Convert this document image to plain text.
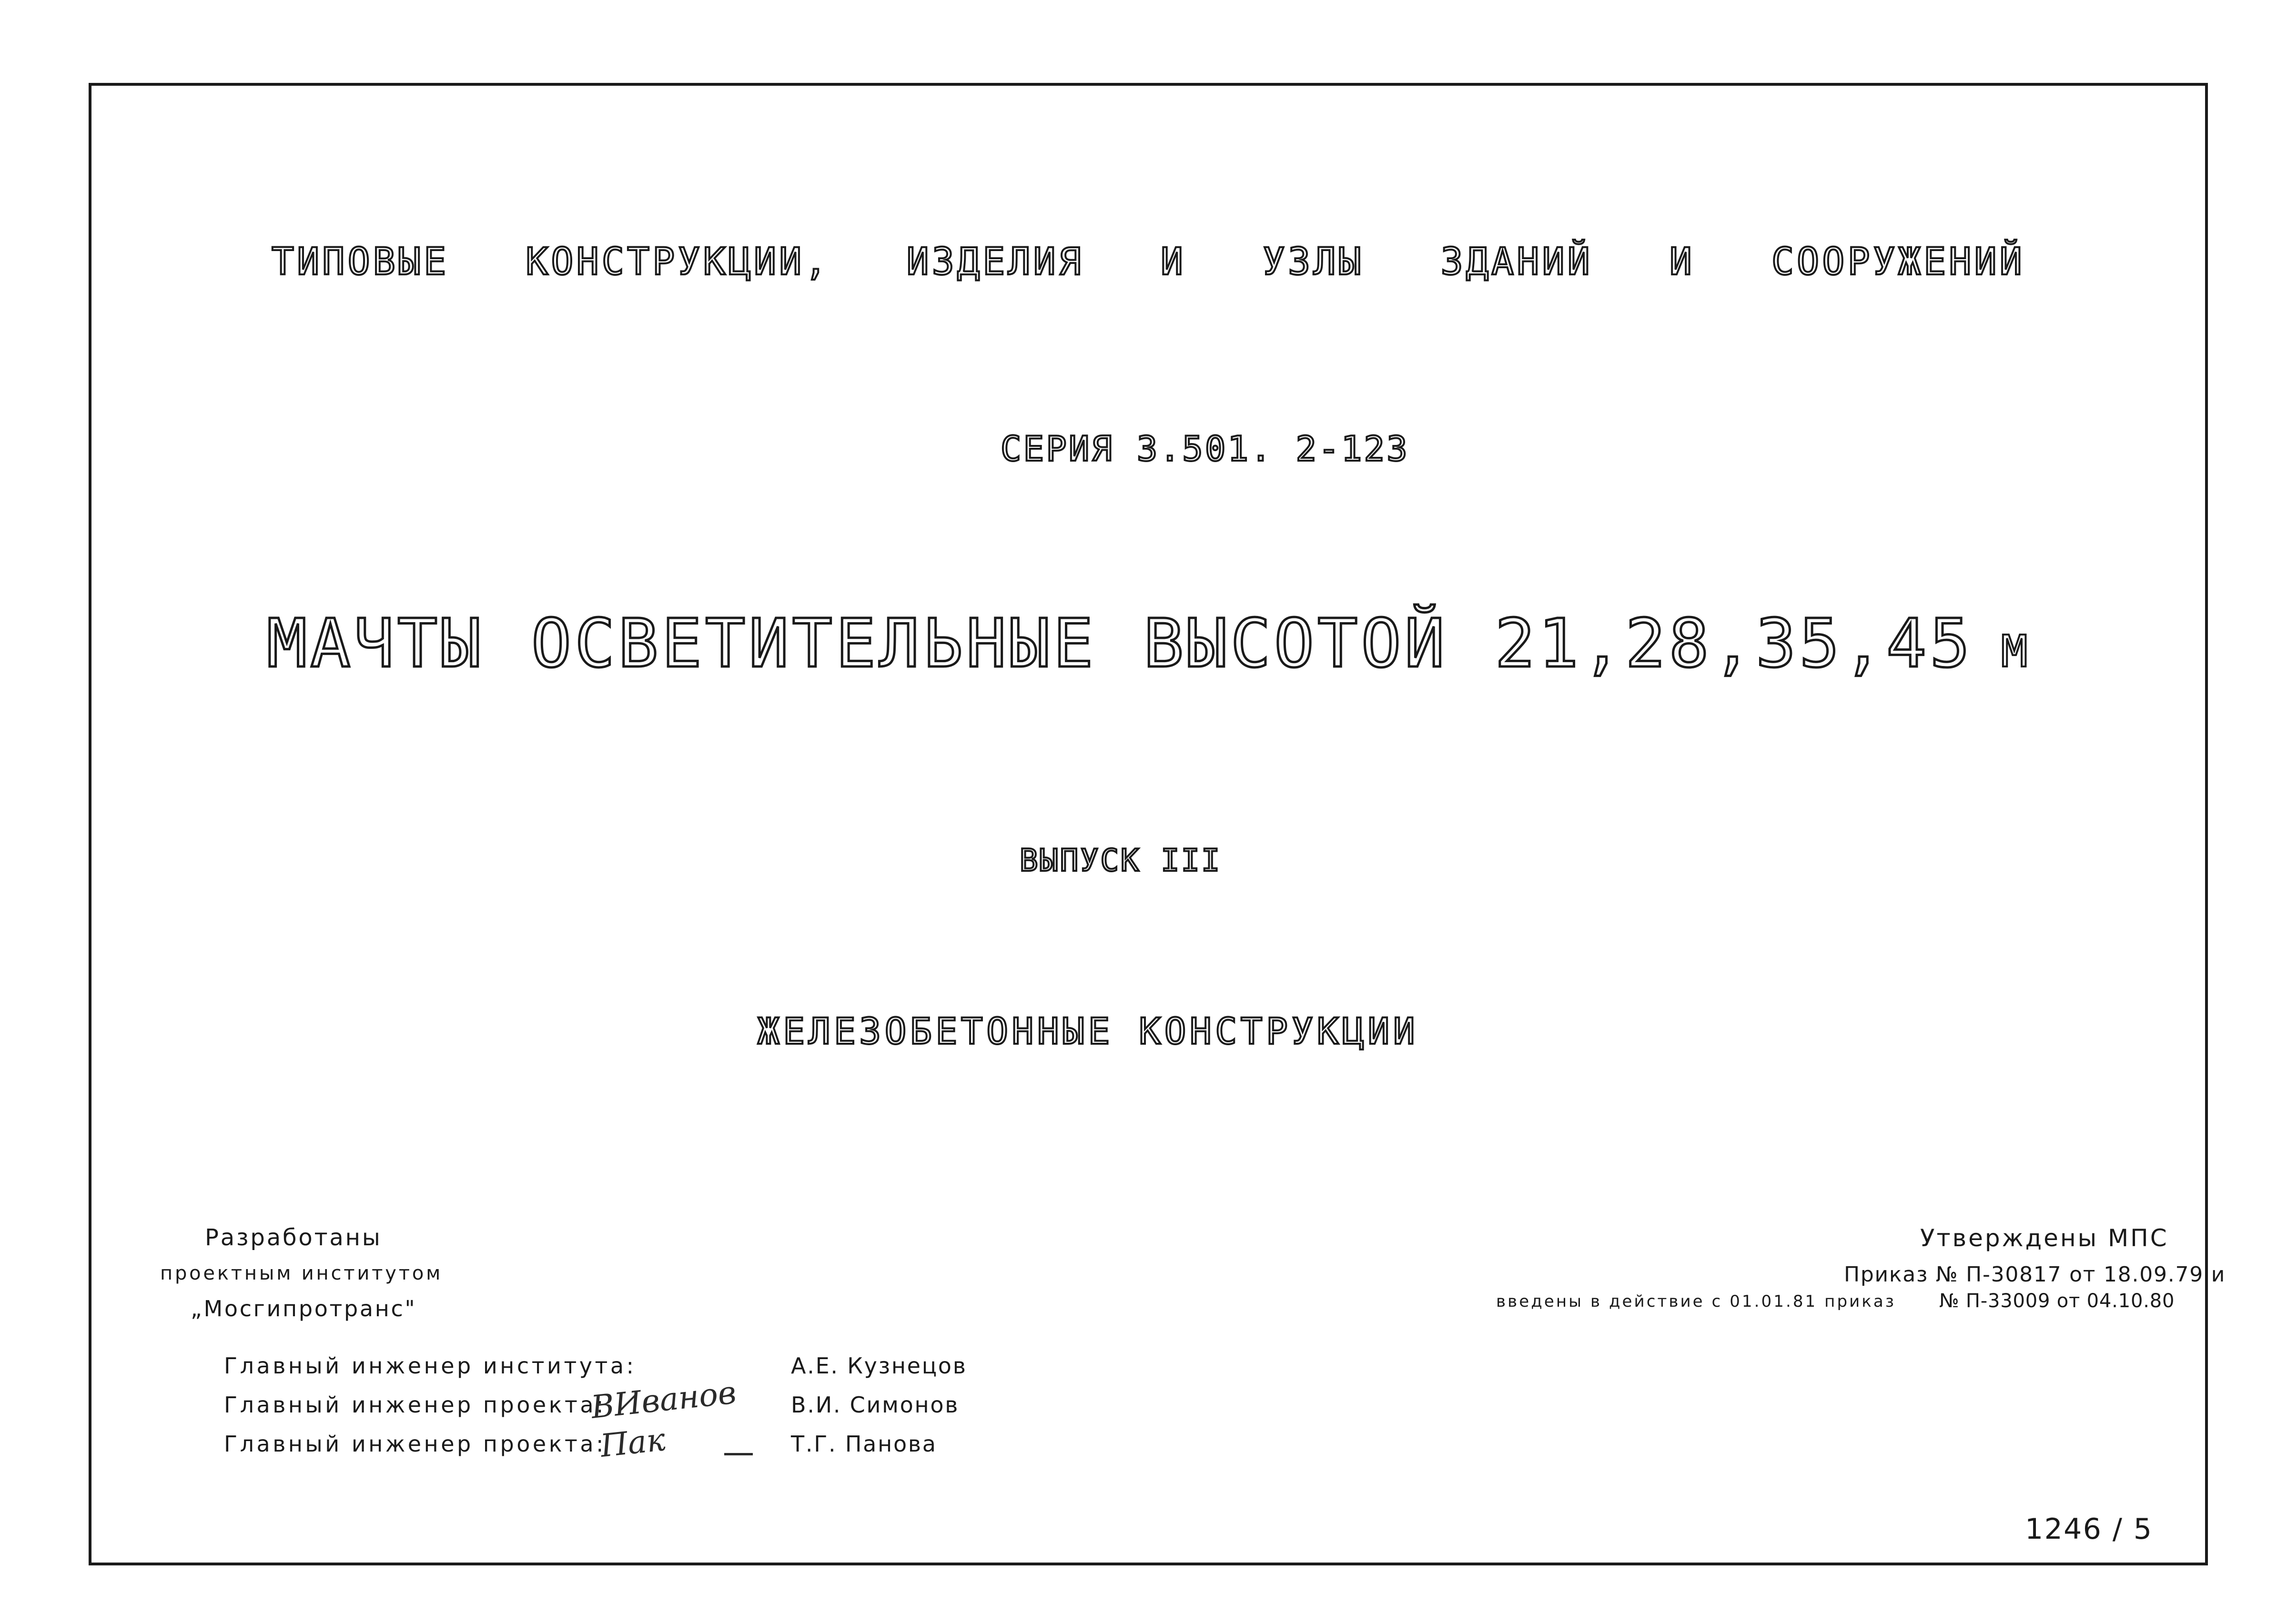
ТИПОВЫЕ КОНСТРУКЦИИ, ИЗДЕЛИЯ И УЗЛЫ ЗДАНИЙ И СООРУЖЕНИЙ
СЕРИЯ 3.501. 2-123
МАЧТЫ ОСВЕТИТЕЛЬНЫЕ ВЫСОТОЙ 21,28,35,45 М
ВЫПУСК III
ЖЕЛЕЗОБЕТОННЫЕ КОНСТРУКЦИИ
Разработаны
проектным институтом
„Мосгипротранс"
Утверждены МПС
Приказ № П-30817 от 18.09.79 и
введены в действие с 01.01.81 приказ № П-33009 от 04.10.80
Главный инженер института:	А.Е. Кузнецов
Главный инженер проекта:
ВИванов В.И. Симонов
Главный инженер проекта:
Пак	Т.Г. Панова
1246 / 5
